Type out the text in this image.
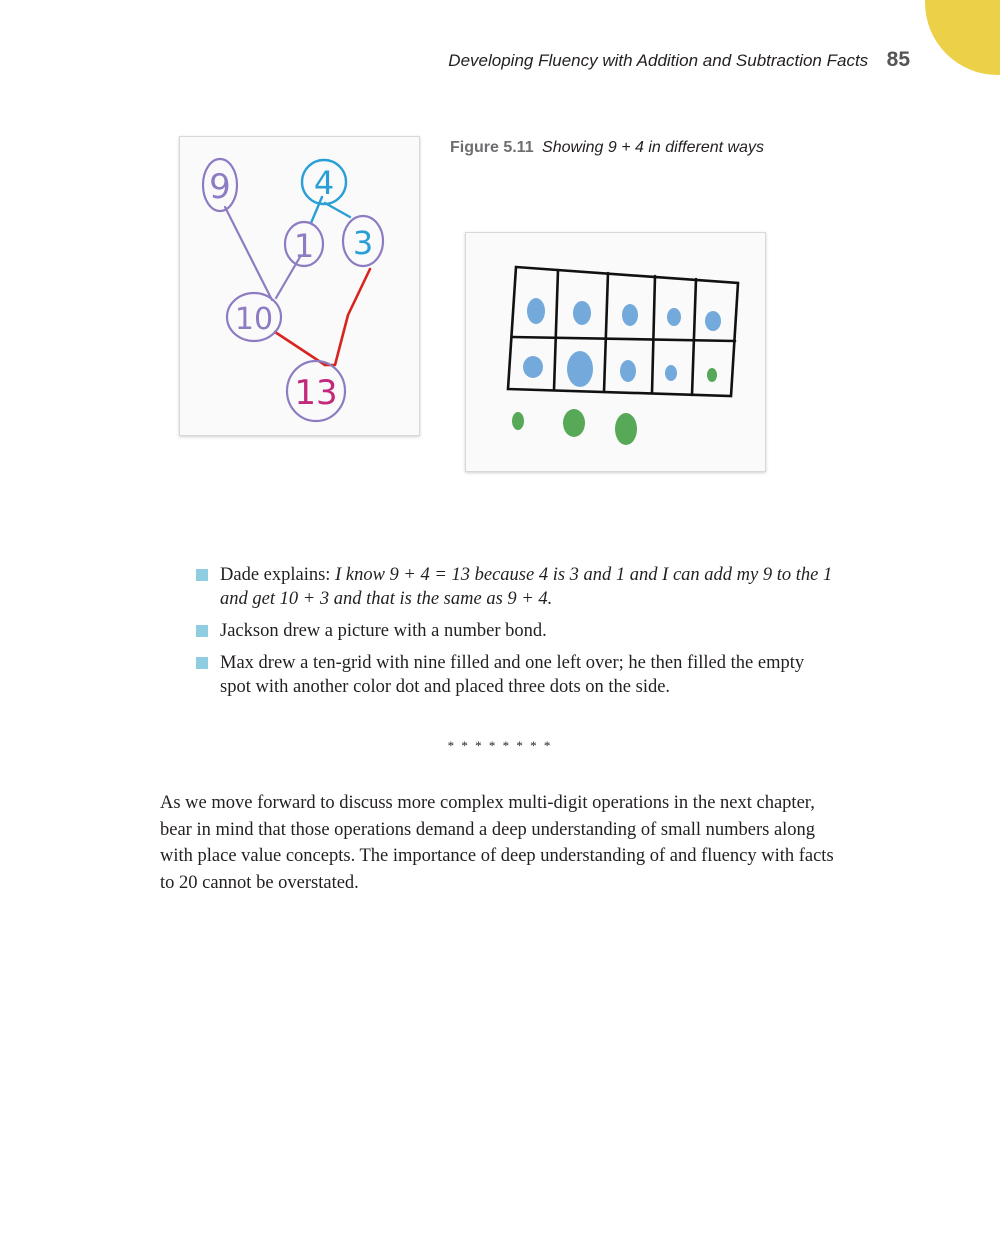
Developing Fluency with Addition and Subtraction Facts 85
9	4
1 3
10
13
Figure 5.11 Showing 9 + 4 in different ways
Dade explains: I know 9 + 4 = 13 because 4 is 3 and 1 and I can add my 9 to the 1 and get 10 + 3 and that is the same as 9 + 4.
Jackson drew a picture with a number bond.
Max drew a ten-grid with nine filled and one left over; he then filled the empty spot with another color dot and placed three dots on the side.
* * * * * * * *

As we move forward to discuss more complex multi-digit operations in the next chapter, bear in mind that those operations demand a deep understanding of small numbers along with place value concepts. The importance of deep understanding of and fluency with facts to 20 cannot be overstated.
